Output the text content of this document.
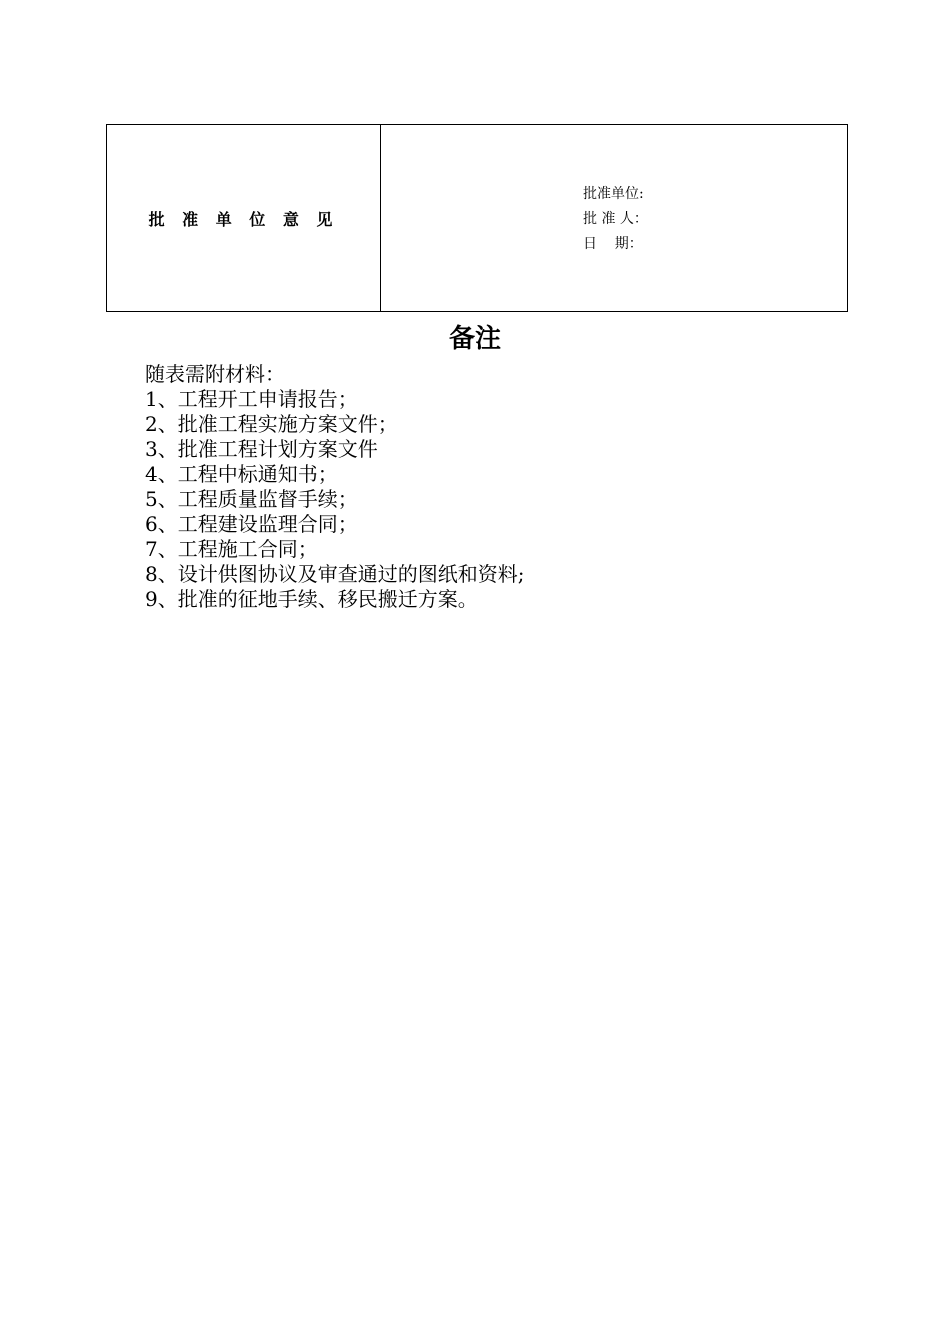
批 准 单 位 意 见

批准单位:
批 准 人：
日    期：
备注
随表需附材料：
1、工程开工申请报告；
2、批准工程实施方案文件；
3、批准工程计划方案文件
4、工程中标通知书；
5、工程质量监督手续；
6、工程建设监理合同；
7、工程施工合同；
8、设计供图协议及审查通过的图纸和资料;
9、批准的征地手续、移民搬迁方案。
